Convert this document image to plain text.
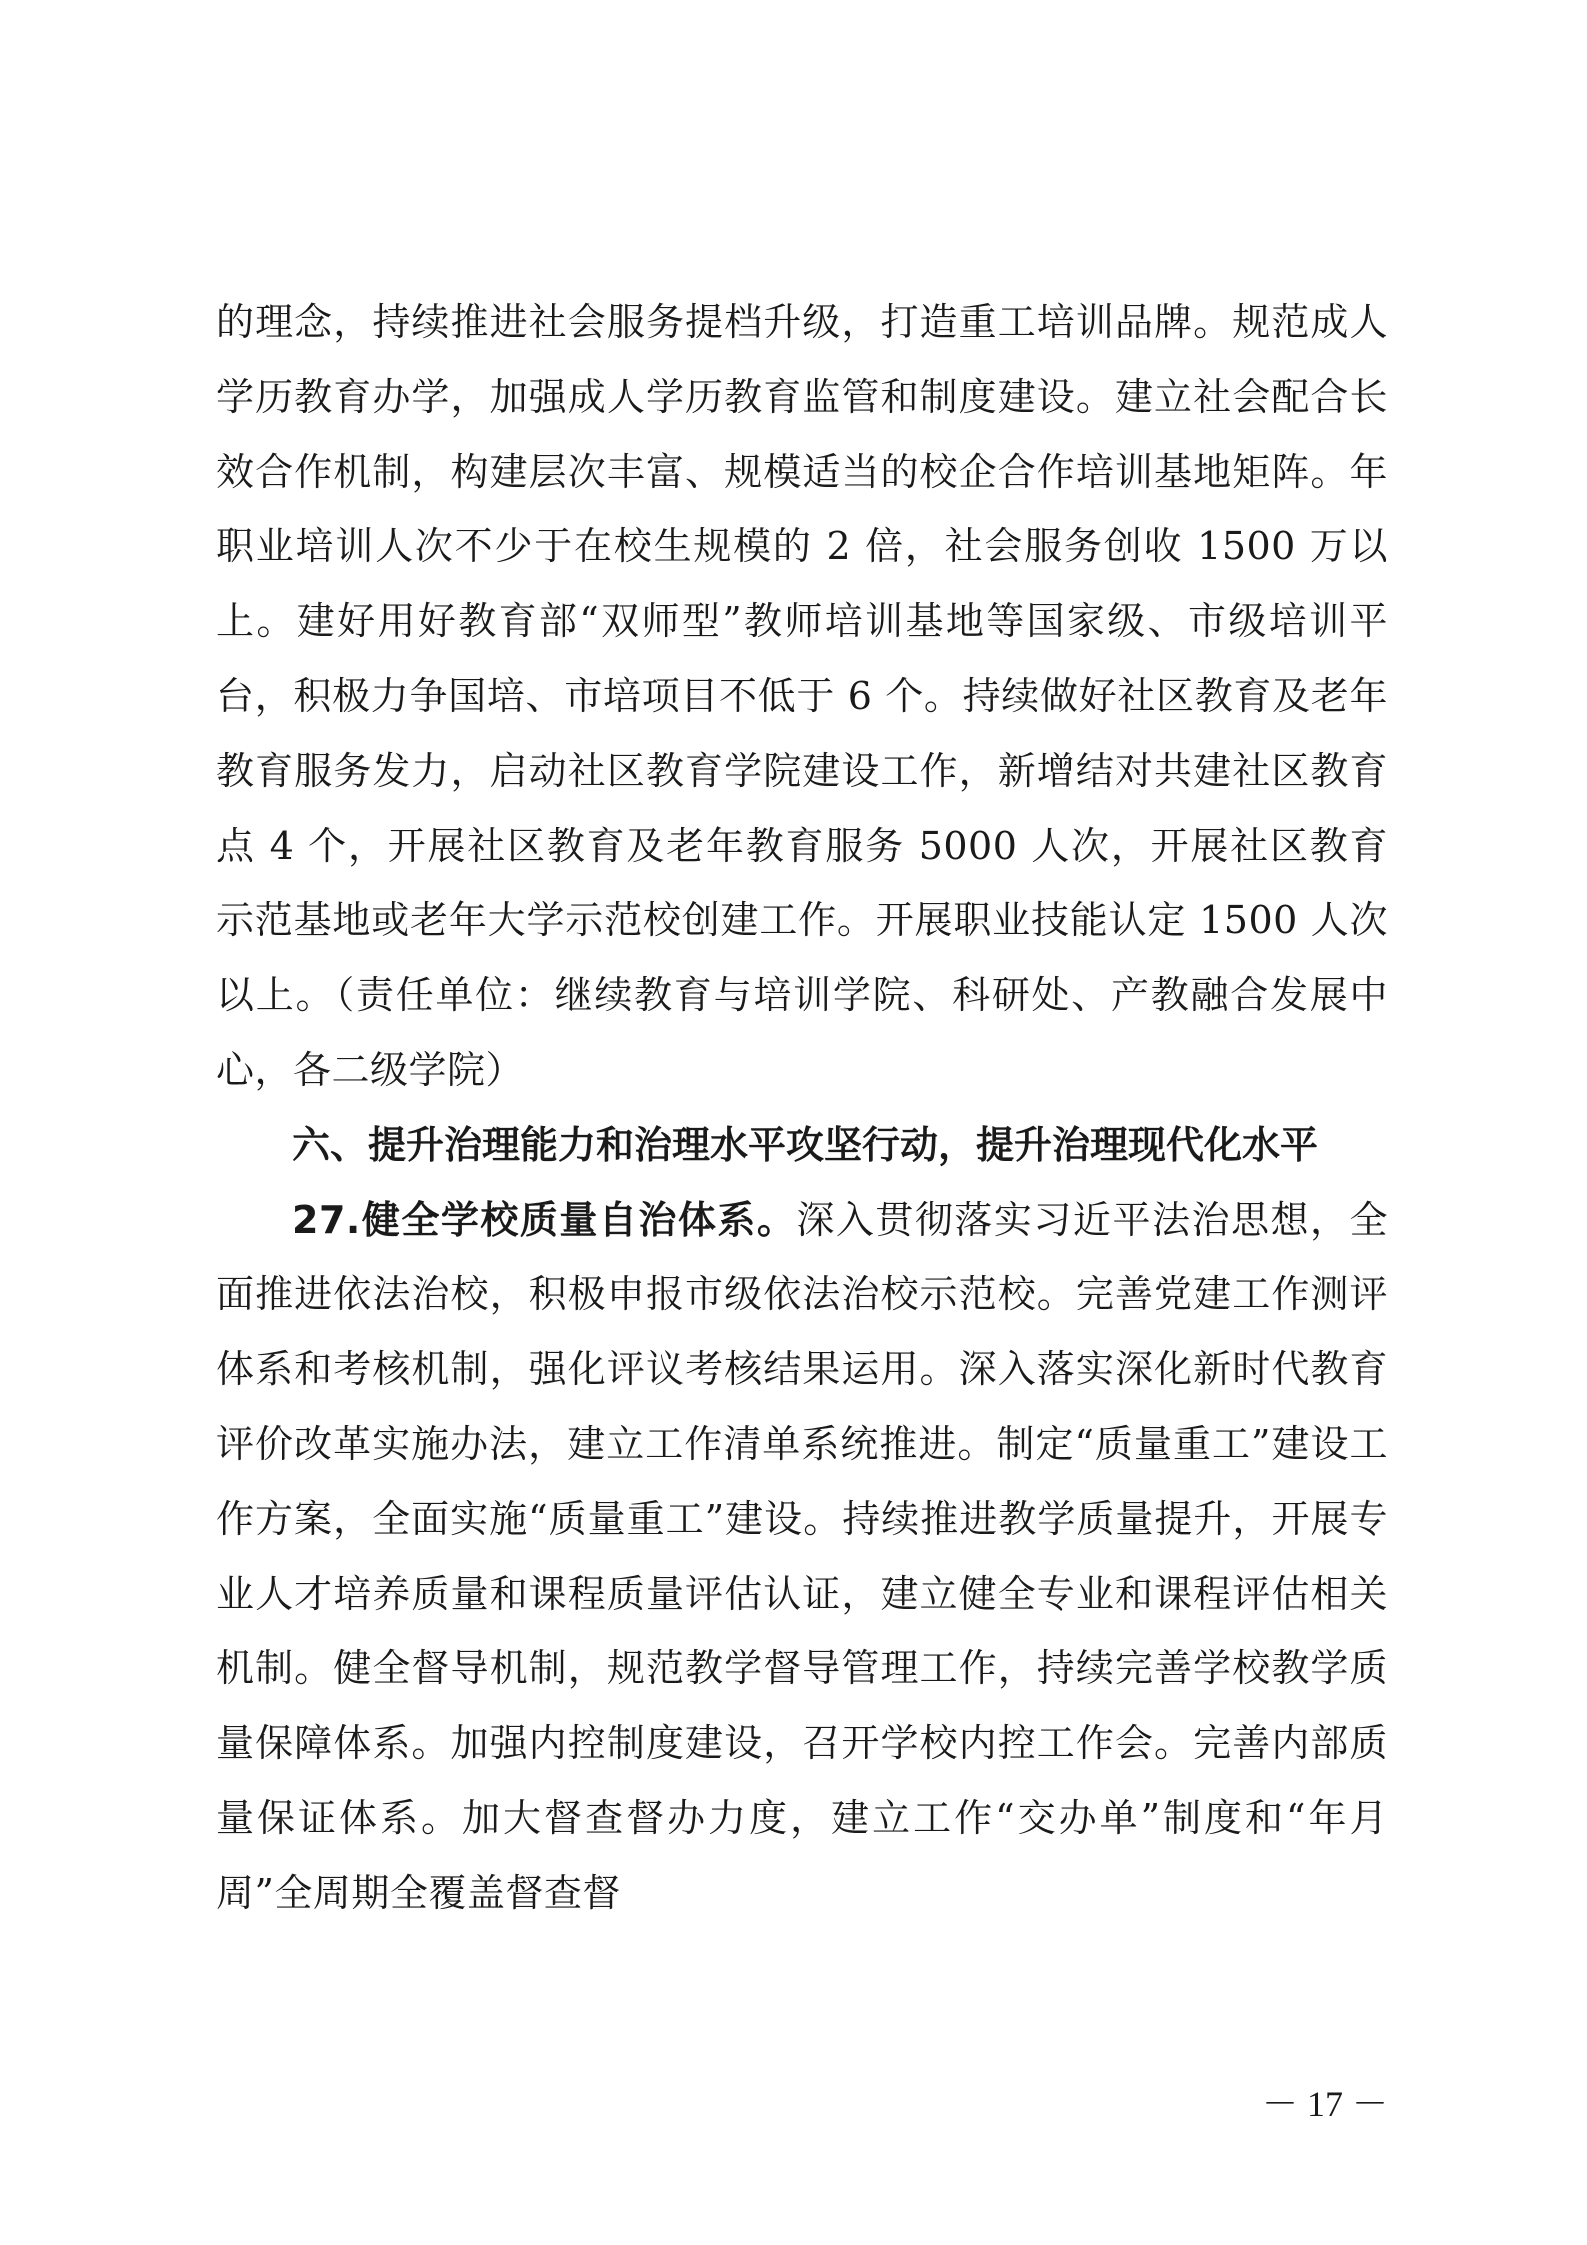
的理念，持续推进社会服务提档升级，打造重工培训品牌。规范成人学历教育办学，加强成人学历教育监管和制度建设。建立社会配合长效合作机制，构建层次丰富、规模适当的校企合作培训基地矩阵。年职业培训人次不少于在校生规模的 2 倍，社会服务创收 1500 万以上。建好用好教育部“双师型”教师培训基地等国家级、市级培训平台，积极力争国培、市培项目不低于 6 个。持续做好社区教育及老年教育服务发力，启动社区教育学院建设工作，新增结对共建社区教育点 4 个，开展社区教育及老年教育服务 5000 人次，开展社区教育示范基地或老年大学示范校创建工作。开展职业技能认定 1500 人次以上。（责任单位：继续教育与培训学院、科研处、产教融合发展中心，各二级学院）

六、提升治理能力和治理水平攻坚行动，提升治理现代化水平

27.健全学校质量自治体系。深入贯彻落实习近平法治思想，全面推进依法治校，积极申报市级依法治校示范校。完善党建工作测评体系和考核机制，强化评议考核结果运用。深入落实深化新时代教育评价改革实施办法，建立工作清单系统推进。制定“质量重工”建设工作方案，全面实施“质量重工”建设。持续推进教学质量提升，开展专业人才培养质量和课程质量评估认证，建立健全专业和课程评估相关机制。健全督导机制，规范教学督导管理工作，持续完善学校教学质量保障体系。加强内控制度建设，召开学校内控工作会。完善内部质量保证体系。加大督查督办力度，建立工作“交办单”制度和“年月周”全周期全覆盖督查督

－ 17 －
